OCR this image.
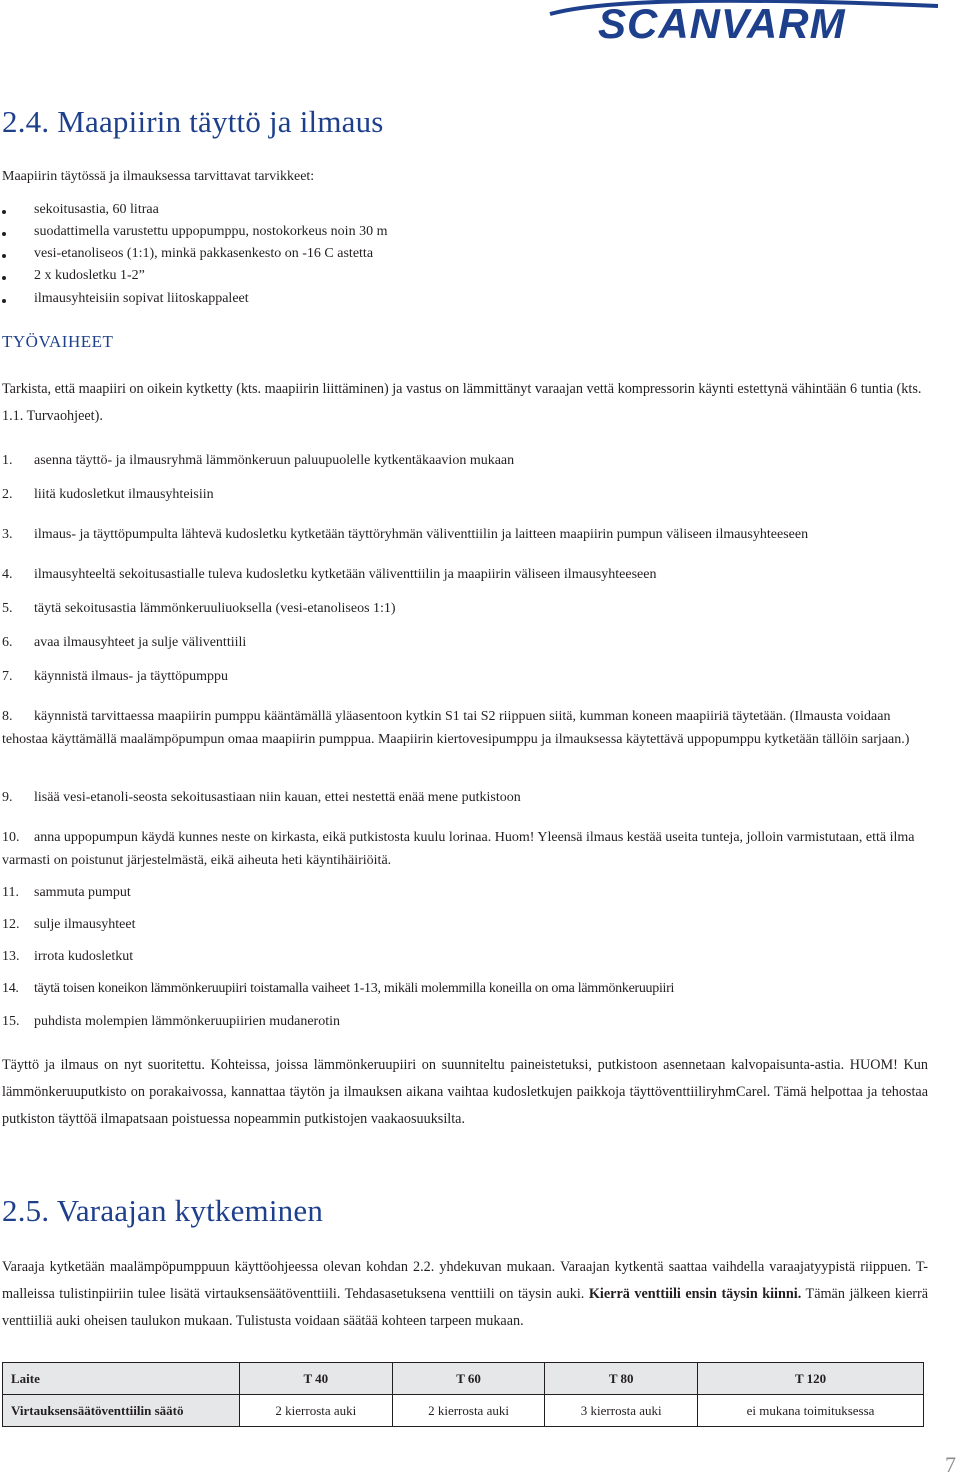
SCANVARM
2.4. Maapiirin täyttö ja ilmaus
Maapiirin täytössä ja ilmauksessa tarvittavat tarvikkeet:
sekoitusastia, 60 litraa
suodattimella varustettu uppopumppu, nostokorkeus noin 30 m
vesi-etanoliseos (1:1), minkä pakkasenkesto on -16 C astetta
2 x kudosletku 1-2”
ilmausyhteisiin sopivat liitoskappaleet
TYÖVAIHEET
Tarkista, että maapiiri on oikein kytketty (kts. maapiirin liittäminen) ja vastus on lämmittänyt varaajan vettä kompressorin käynti estettynä vähintään 6 tuntia (kts. 1.1. Turvaohjeet).
1. asenna täyttö- ja ilmausryhmä lämmönkeruun paluupuolelle kytkentäkaavion mukaan
2. liitä kudosletkut ilmausyhteisiin
3. ilmaus- ja täyttöpumpulta lähtevä kudosletku kytketään täyttöryhmän väliventtiilin ja laitteen maapiirin pumpun väliseen ilmausyhteeseen
4. ilmausyhteeltä sekoitusastialle tuleva kudosletku kytketään väliventtiilin ja maapiirin väliseen ilmausyhteeseen
5. täytä sekoitusastia lämmönkeruuliuoksella (vesi-etanoliseos 1:1)
6. avaa ilmausyhteet ja sulje väliventtiili
7. käynnistä ilmaus- ja täyttöpumppu
8. käynnistä tarvittaessa maapiirin pumppu kääntämällä yläasentoon kytkin S1 tai S2 riippuen siitä, kumman koneen maapiiriä täytetään. (Ilmausta voidaan tehostaa käyttämällä maalämpöpumpun omaa maapiirin pumppua. Maapiirin kiertovesipumppu ja ilmauksessa käytettävä uppopumppu kytketään tällöin sarjaan.)
9. lisää vesi-etanoli-seosta sekoitusastiaan niin kauan, ettei nestettä enää mene putkistoon
10. anna uppopumpun käydä kunnes neste on kirkasta, eikä putkistosta kuulu lorinaa. Huom! Yleensä ilmaus kestää useita tunteja, jolloin varmistutaan, että ilma varmasti on poistunut järjestelmästä, eikä aiheuta heti käyntihäiriöitä.
11. sammuta pumput
12. sulje ilmausyhteet
13. irrota kudosletkut
14. täytä toisen koneikon lämmönkeruupiiri toistamalla vaiheet 1-13, mikäli molemmilla koneilla on oma lämmönkeruupiiri
15. puhdista molempien lämmönkeruupiirien mudanerotin
Täyttö ja ilmaus on nyt suoritettu. Kohteissa, joissa lämmönkeruupiiri on suunniteltu paineistetuksi, putkistoon asennetaan kalvopaisunta-astia. HUOM! Kun lämmönkeruuputkisto on porakaivossa, kannattaa täytön ja ilmauksen aikana vaihtaa kudosletkujen paikkoja täyttöventtiiliryhmCarel. Tämä helpottaa ja tehostaa putkiston täyttöä ilmapatsaan poistuessa nopeammin putkistojen vaakaosuuksilta.
2.5. Varaajan kytkeminen
Varaaja kytketään maalämpöpumppuun käyttöohjeessa olevan kohdan 2.2. yhdekuvan mukaan. Varaajan kytkentä saattaa vaihdella varaajatyypistä riippuen. T-malleissa tulistinpiiriin tulee lisätä virtauksensäätöventtiili. Tehdasasetuksena venttiili on täysin auki. Kierrä venttiili ensin täysin kiinni. Tämän jälkeen kierrä venttiiliä auki oheisen taulukon mukaan. Tulistusta voidaan säätää kohteen tarpeen mukaan.
Laite	T 40	T 60	T 80	T 120
Virtauksensäätöventtiilin säätö	2 kierrosta auki	2 kierrosta auki	3 kierrosta auki	ei mukana toimituksessa
7
